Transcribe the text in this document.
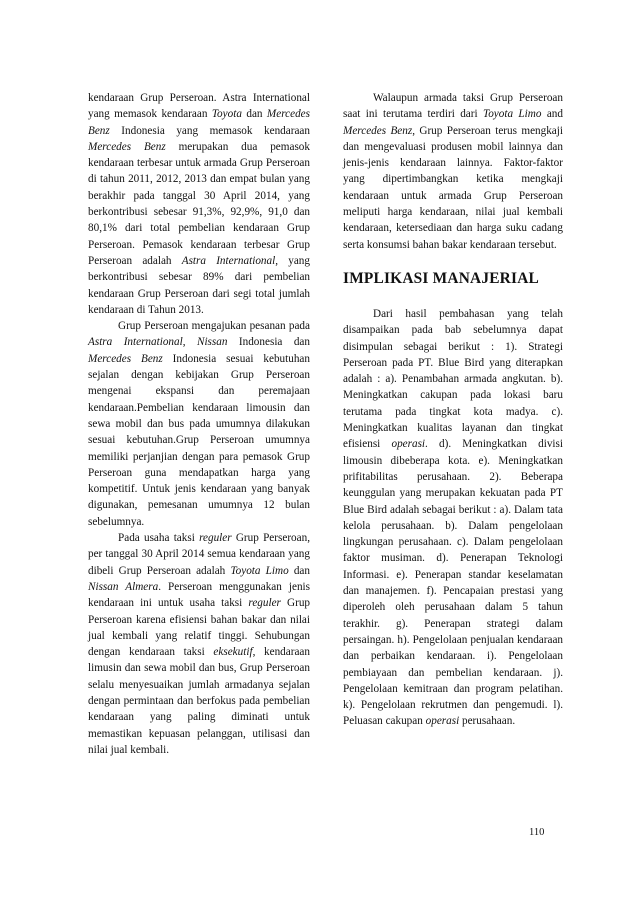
kendaraan Grup Perseroan. Astra International yang memasok kendaraan Toyota dan Mercedes Benz Indonesia yang memasok kendaraan Mercedes Benz merupakan dua pemasok kendaraan terbesar untuk armada Grup Perseroan di tahun 2011, 2012, 2013 dan empat bulan yang berakhir pada tanggal 30 April 2014, yang berkontribusi sebesar 91,3%, 92,9%, 91,0 dan 80,1% dari total pembelian kendaraan Grup Perseroan. Pemasok kendaraan terbesar Grup Perseroan adalah Astra International, yang berkontribusi sebesar 89% dari pembelian kendaraan Grup Perseroan dari segi total jumlah kendaraan di Tahun 2013.

Grup Perseroan mengajukan pesanan pada Astra International, Nissan Indonesia dan Mercedes Benz Indonesia sesuai kebutuhan sejalan dengan kebijakan Grup Perseroan mengenai ekspansi dan peremajaan kendaraan.Pembelian kendaraan limousin dan sewa mobil dan bus pada umumnya dilakukan sesuai kebutuhan.Grup Perseroan umumnya memiliki perjanjian dengan para pemasok Grup Perseroan guna mendapatkan harga yang kompetitif. Untuk jenis kendaraan yang banyak digunakan, pemesanan umumnya 12 bulan sebelumnya.

Pada usaha taksi reguler Grup Perseroan, per tanggal 30 April 2014 semua kendaraan yang dibeli Grup Perseroan adalah Toyota Limo dan Nissan Almera. Perseroan menggunakan jenis kendaraan ini untuk usaha taksi reguler Grup Perseroan karena efisiensi bahan bakar dan nilai jual kembali yang relatif tinggi. Sehubungan dengan kendaraan taksi eksekutif, kendaraan limusin dan sewa mobil dan bus, Grup Perseroan selalu menyesuaikan jumlah armadanya sejalan dengan permintaan dan berfokus pada pembelian kendaraan yang paling diminati untuk memastikan kepuasan pelanggan, utilisasi dan nilai jual kembali.

Walaupun armada taksi Grup Perseroan saat ini terutama terdiri dari Toyota Limo and Mercedes Benz, Grup Perseroan terus mengkaji dan mengevaluasi produsen mobil lainnya dan jenis-jenis kendaraan lainnya. Faktor-faktor yang dipertimbangkan ketika mengkaji kendaraan untuk armada Grup Perseroan meliputi harga kendaraan, nilai jual kembali kendaraan, ketersediaan dan harga suku cadang serta konsumsi bahan bakar kendaraan tersebut.

IMPLIKASI MANAJERIAL

Dari hasil pembahasan yang telah disampaikan pada bab sebelumnya dapat disimpulan sebagai berikut : 1). Strategi Perseroan pada PT. Blue Bird yang diterapkan adalah : a). Penambahan armada angkutan. b). Meningkatkan cakupan pada lokasi baru terutama pada tingkat kota madya. c). Meningkatkan kualitas layanan dan tingkat efisiensi operasi. d). Meningkatkan divisi limousin dibeberapa kota. e). Meningkatkan prifitabilitas perusahaan. 2). Beberapa keunggulan yang merupakan kekuatan pada PT Blue Bird adalah sebagai berikut : a). Dalam tata kelola perusahaan. b). Dalam pengelolaan lingkungan perusahaan. c). Dalam pengelolaan faktor musiman. d). Penerapan Teknologi Informasi. e). Penerapan standar keselamatan dan manajemen. f). Pencapaian prestasi yang diperoleh oleh perusahaan dalam 5 tahun terakhir. g). Penerapan strategi dalam persaingan. h). Pengelolaan penjualan kendaraan dan perbaikan kendaraan. i). Pengelolaan pembiayaan dan pembelian kendaraan. j). Pengelolaan kemitraan dan program pelatihan. k). Pengelolaan rekrutmen dan pengemudi. l). Peluasan cakupan operasi perusahaan.

110
